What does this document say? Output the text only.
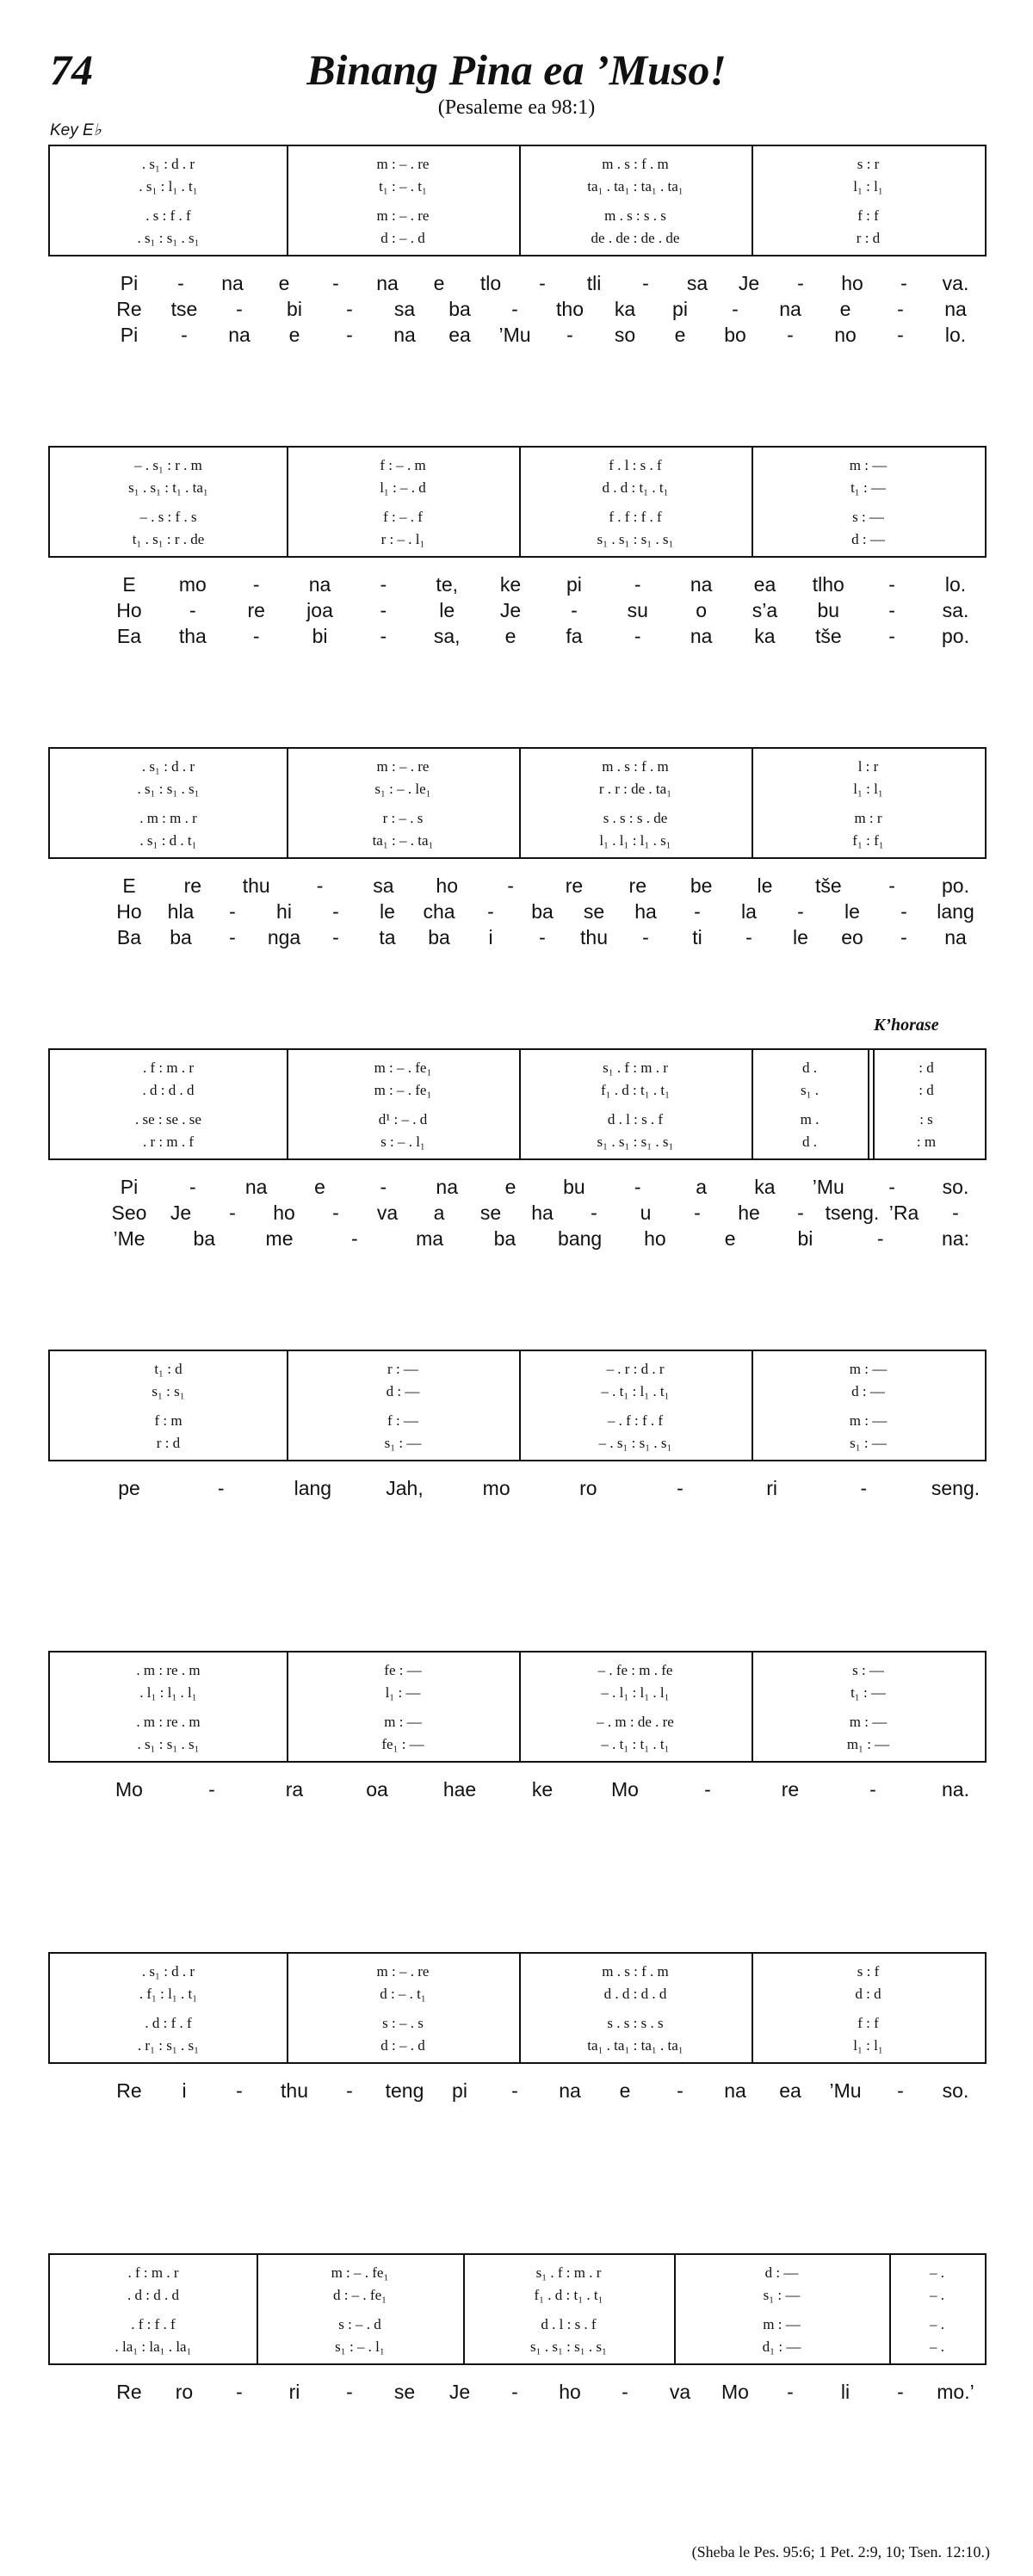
74	Binang Pina ea ’Muso!
(Pesaleme ea 98:1)
Key E♭
K’horase
(Sheba le Pes. 95:6; 1 Pet. 2:9, 10; Tsen. 12:10.)
. s₁ : d . r	m : – . re	m . s : f . m	s : r
. s₁ : l₁ . t₁	t₁ : – . t₁	ta₁ . ta₁ : ta₁ . ta₁	l₁ : l₁
. s : f . f	m : – . re	m . s : s . s	f : f
. s₁ : s₁ . s₁	d : – . d	de . de : de . de	r : d
Pi - na e - na e tlo - tli - sa Je - ho - va.
Re tse - bi - sa ba - tho ka pi - na e - na
Pi - na e - na ea ’Mu - so e bo - no - lo.
– . s₁ : r . m	f : – . m	f . l : s . f	m : —
s₁ . s₁ : t₁ . ta₁	l₁ : – . d	d . d : t₁ . t₁	t₁ : —
– . s : f . s	f : – . f	f . f : f . f	s : —
t₁ . s₁ : r . de	r : – . l₁	s₁ . s₁ : s₁ . s₁	d : —
E mo - na - te, ke pi	- na ea tlho -	lo.
Ho -	re joa -	le Je	-	su o s’a bu - sa.
Ea tha -	bi	- sa, e	fa	- na ka tše - po.
. s₁ : d . r	m : – . re	m . s : f . m	l : r
. s₁ : s₁ . s₁	s₁ : – . le₁	r . r : de . ta₁	l₁ : l₁
. m : m . r	r : – . s	s . s : s . de	m : r
. s₁ : d . t₁	ta₁ : – . ta₁	l₁ . l₁ : l₁ . s₁	f₁ : f₁
E re thu -	sa ho -	re re be le tše - po.
Ho hla - hi - le cha - ba se ha - la - le - lang
Ba ba - nga - ta ba i - thu - ti - le eo - na
. f : m . r	m : – . fe₁	s₁ . f : m . r	d .	: d
. d : d . d	m : – . fe₁	f₁ . d : t₁ . t₁	s₁ .	: d
. se : se . se	d¹ : – . d	d . l : s . f	m .	: s
. r : m . f	s : – . l₁	s₁ . s₁ : s₁ . s₁	d .	: m
Pi	- na e	- na e bu -	a ka ’Mu - so.
Seo Je - ho - va a se ha - u - he - tseng. ’Ra -
’Me ba	me	-	ma	ba bang ho	e	bi	-	na:
t₁ : d	r : —	– . r : d . r	m : —
s₁ : s₁	d : —	– . t₁ : l₁ . t₁	d : —
f : m	f : —	– . f : f . f	m : —
r : d	s₁ : —	– . s₁ : s₁ . s₁	s₁ : —
pe	-	lang	Jah,	mo	ro	-	ri	-	seng.
. m : re . m	fe : —	– . fe : m . fe	s : —
. l₁ : l₁ . l₁	l₁ : —	– . l₁ : l₁ . l₁	t₁ : —
. m : re . m	m : —	– . m : de . re	m : —
. s₁ : s₁ . s₁	fe₁ : —	– . t₁ : t₁ . t₁	m₁ : —
Mo	-	ra	oa	hae	ke	Mo	-	re	-	na.
. s₁ : d . r	m : – . re	m . s : f . m	s : f
. f₁ : l₁ . t₁	d : – . t₁	d . d : d . d	d : d
. d : f . f	s : – . s	s . s : s . s	f : f
. r₁ : s₁ . s₁	d : – . d	ta₁ . ta₁ : ta₁ . ta₁	l₁ : l₁
Re i	- thu - teng pi - na e - na ea ’Mu - so.
. f : m . r	m : – . fe₁	s₁ . f : m . r	d : —	– .
. d : d . d	d : – . fe₁	f₁ . d : t₁ . t₁	s₁ : —	– .
. f : f . f	s : – . d	d . l : s . f	m : —	– .
. la₁ : la₁ . la₁	s₁ : – . l₁	s₁ . s₁ : s₁ . s₁	d₁ : —	– .
Re ro - ri - se Je - ho - va Mo - li - mo.’
